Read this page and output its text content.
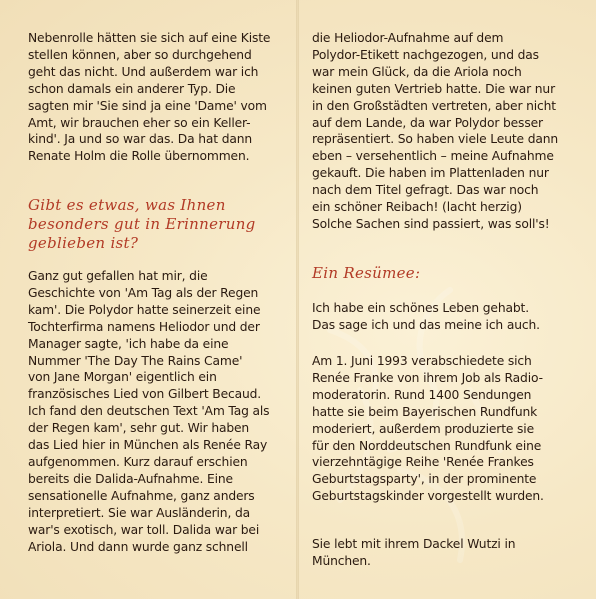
Nebenrolle hätten sie sich auf eine Kiste
stellen können, aber so durchgehend
geht das nicht. Und außerdem war ich
schon damals ein anderer Typ. Die
sagten mir 'Sie sind ja eine 'Dame' vom
Amt, wir brauchen eher so ein Keller-
kind'. Ja und so war das. Da hat dann
Renate Holm die Rolle übernommen.
Gibt es etwas, was Ihnen
besonders gut in Erinnerung
geblieben ist?
Ganz gut gefallen hat mir, die
Geschichte von 'Am Tag als der Regen
kam'. Die Polydor hatte seinerzeit eine
Tochterfirma namens Heliodor und der
Manager sagte, 'ich habe da eine
Nummer 'The Day The Rains Came'
von Jane Morgan' eigentlich ein
französisches Lied von Gilbert Becaud.
Ich fand den deutschen Text 'Am Tag als
der Regen kam', sehr gut. Wir haben
das Lied hier in München als Renée Ray
aufgenommen. Kurz darauf erschien
bereits die Dalida-Aufnahme. Eine
sensationelle Aufnahme, ganz anders
interpretiert. Sie war Ausländerin, da
war's exotisch, war toll. Dalida war bei
Ariola. Und dann wurde ganz schnell
die Heliodor-Aufnahme auf dem
Polydor-Etikett nachgezogen, und das
war mein Glück, da die Ariola noch
keinen guten Vertrieb hatte. Die war nur
in den Großstädten vertreten, aber nicht
auf dem Lande, da war Polydor besser
repräsentiert. So haben viele Leute dann
eben – versehentlich – meine Aufnahme
gekauft. Die haben im Plattenladen nur
nach dem Titel gefragt. Das war noch
ein schöner Reibach! (lacht herzig)
Solche Sachen sind passiert, was soll's!
Ein Resümee:
Ich habe ein schönes Leben gehabt.
Das sage ich und das meine ich auch.
Am 1. Juni 1993 verabschiedete sich
Renée Franke von ihrem Job als Radio-
moderatorin. Rund 1400 Sendungen
hatte sie beim Bayerischen Rundfunk
moderiert, außerdem produzierte sie
für den Norddeutschen Rundfunk eine
vierzehntägige Reihe 'Renée Frankes
Geburtstagsparty', in der prominente
Geburtstagskinder vorgestellt wurden.
Sie lebt mit ihrem Dackel Wutzi in
München.
